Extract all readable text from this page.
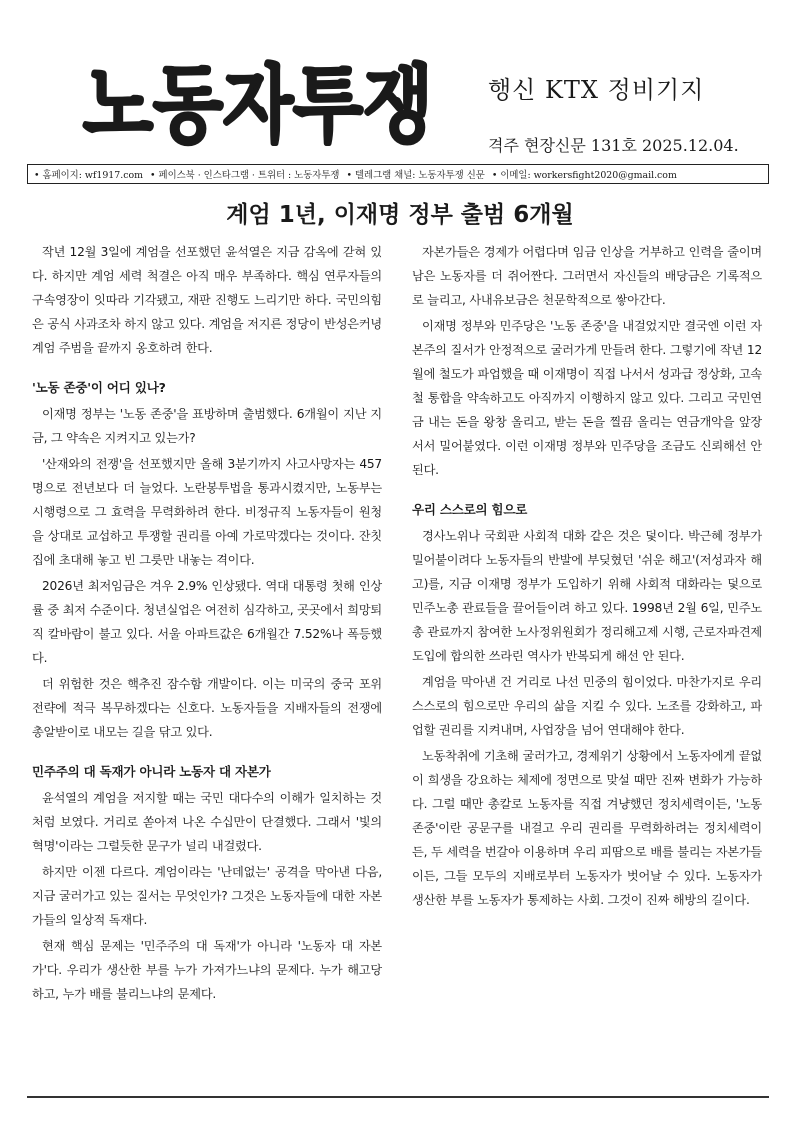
노동자투쟁 행신 KTX 정비기지
격주 현장신문 131호 2025.12.04.
• 홈페이지: wf1917.com • 페이스북 · 인스타그램 · 트위터 : 노동자투쟁 • 텔레그램 채널: 노동자투쟁 신문 • 이메일: workersfight2020@gmail.com
계엄 1년, 이재명 정부 출범 6개월

작년 12월 3일에 계엄을 선포했던 윤석열은 지금 감옥에 갇혀 있다. 하지만 계엄 세력 척결은 아직 매우 부족하다. 핵심 연루자들의 구속영장이 잇따라 기각됐고, 재판 진행도 느리기만 하다. 국민의힘은 공식 사과조차 하지 않고 있다. 계엄을 저지른 정당이 반성은커녕 계엄 주범을 끝까지 옹호하려 한다.

'노동 존중'이 어디 있나?

이재명 정부는 '노동 존중'을 표방하며 출범했다. 6개월이 지난 지금, 그 약속은 지켜지고 있는가?

'산재와의 전쟁'을 선포했지만 올해 3분기까지 사고사망자는 457명으로 전년보다 더 늘었다. 노란봉투법을 통과시켰지만, 노동부는 시행령으로 그 효력을 무력화하려 한다. 비정규직 노동자들이 원청을 상대로 교섭하고 투쟁할 권리를 아예 가로막겠다는 것이다. 잔칫집에 초대해 놓고 빈 그릇만 내놓는 격이다.

2026년 최저임금은 겨우 2.9% 인상됐다. 역대 대통령 첫해 인상률 중 최저 수준이다. 청년실업은 여전히 심각하고, 곳곳에서 희망퇴직 칼바람이 불고 있다. 서울 아파트값은 6개월간 7.52%나 폭등했다.

더 위험한 것은 핵추진 잠수함 개발이다. 이는 미국의 중국 포위 전략에 적극 복무하겠다는 신호다. 노동자들을 지배자들의 전쟁에 총알받이로 내모는 길을 닦고 있다.

민주주의 대 독재가 아니라 노동자 대 자본가

윤석열의 계엄을 저지할 때는 국민 대다수의 이해가 일치하는 것처럼 보였다. 거리로 쏟아져 나온 수십만이 단결했다. 그래서 '빛의 혁명'이라는 그럴듯한 문구가 널리 내걸렸다.

하지만 이젠 다르다. 계엄이라는 '난데없는' 공격을 막아낸 다음, 지금 굴러가고 있는 질서는 무엇인가? 그것은 노동자들에 대한 자본가들의 일상적 독재다.

현재 핵심 문제는 '민주주의 대 독재'가 아니라 '노동자 대 자본가'다. 우리가 생산한 부를 누가 가져가느냐의 문제다. 누가 해고당하고, 누가 배를 불리느냐의 문제다.

자본가들은 경제가 어렵다며 임금 인상을 거부하고 인력을 줄이며 남은 노동자를 더 쥐어짠다. 그러면서 자신들의 배당금은 기록적으로 늘리고, 사내유보금은 천문학적으로 쌓아간다.

이재명 정부와 민주당은 '노동 존중'을 내걸었지만 결국엔 이런 자본주의 질서가 안정적으로 굴러가게 만들려 한다. 그렇기에 작년 12월에 철도가 파업했을 때 이재명이 직접 나서서 성과급 정상화, 고속철 통합을 약속하고도 아직까지 이행하지 않고 있다. 그리고 국민연금 내는 돈을 왕창 올리고, 받는 돈을 찔끔 올리는 연금개악을 앞장서서 밀어붙였다. 이런 이재명 정부와 민주당을 조금도 신뢰해선 안 된다.

우리 스스로의 힘으로

경사노위나 국회판 사회적 대화 같은 것은 덫이다. 박근혜 정부가 밀어붙이려다 노동자들의 반발에 부딪혔던 '쉬운 해고'(저성과자 해고)를, 지금 이재명 정부가 도입하기 위해 사회적 대화라는 덫으로 민주노총 관료들을 끌어들이려 하고 있다. 1998년 2월 6일, 민주노총 관료까지 참여한 노사정위원회가 정리해고제 시행, 근로자파견제 도입에 합의한 쓰라린 역사가 반복되게 해선 안 된다.

계엄을 막아낸 건 거리로 나선 민중의 힘이었다. 마찬가지로 우리 스스로의 힘으로만 우리의 삶을 지킬 수 있다. 노조를 강화하고, 파업할 권리를 지켜내며, 사업장을 넘어 연대해야 한다.

노동착취에 기초해 굴러가고, 경제위기 상황에서 노동자에게 끝없이 희생을 강요하는 체제에 정면으로 맞설 때만 진짜 변화가 가능하다. 그럴 때만 총칼로 노동자를 직접 겨냥했던 정치세력이든, '노동 존중'이란 공문구를 내걸고 우리 권리를 무력화하려는 정치세력이든, 두 세력을 번갈아 이용하며 우리 피땀으로 배를 불리는 자본가들이든, 그들 모두의 지배로부터 노동자가 벗어날 수 있다. 노동자가 생산한 부를 노동자가 통제하는 사회. 그것이 진짜 해방의 길이다.
